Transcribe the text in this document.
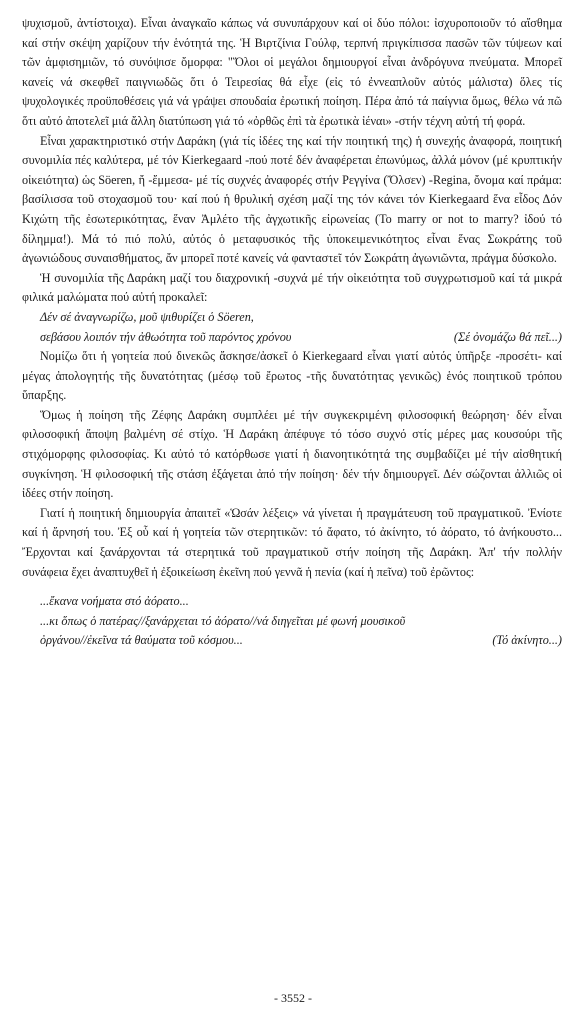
ψυχισμοῦ, ἀντίστοιχα). Εἶναι ἀναγκαῖο κάπως νά συνυπάρχουν καί οἱ δύο πόλοι: ἰσχυροποιοῦν τό αἴσθημα καί στήν σκέψη χαρίζουν τήν ἑνότητά της. Ἡ Βιρτζίνια Γούλφ, τερπνή πριγκίπισσα πασῶν τῶν τύψεων καί τῶν ἀμφισημιῶν, τό συνόψισε ὄμορφα: "Ὅλοι οἱ μεγάλοι δημιουργοί εἶναι ἀνδρόγυνα πνεύματα. Μπορεῖ κανείς νά σκεφθεῖ παιγνιωδῶς ὅτι ὁ Τειρεσίας θά εἶχε (εἰς τό ἐννεαπλοῦν αὐτός μάλιστα) ὅλες τίς ψυχολογικές προϋποθέσεις γιά νά γράψει σπουδαία ἐρωτική ποίηση. Πέρα ἀπό τά παίγνια ὅμως, θέλω νά πῶ ὅτι αὐτό ἀποτελεῖ μιά ἄλλη διατύπωση γιά τό «ὀρθῶς ἐπὶ τὰ ἐρωτικὰ ἰέναι» -στήν τέχνη αὐτή τή φορά.

Εἶναι χαρακτηριστικό στήν Δαράκη (γιά τίς ἰδέες της καί τήν ποιητική της) ἡ συνεχής ἀναφορά, ποιητική συνομιλία πές καλύτερα, μέ τόν Kierkegaard -πού ποτέ δέν ἀναφέρεται ἐπωνύμως, ἀλλά μόνον (μέ κρυπτικήν οἰκειότητα) ὡς Söeren, ἤ -ἔμμεσα- μέ τίς συχνές ἀναφορές στήν Ρεγγίνα (Ὄλσεν) -Regina, ὄνομα καί πράμα: βασίλισσα τοῦ στοχασμοῦ του· καί πού ἡ θρυλική σχέση μαζί της τόν κάνει τόν Kierkegaard ἕνα εἶδος Δόν Κιχώτη τῆς ἐσωτερικότητας, ἕναν Ἀμλέτο τῆς ἀγχωτικῆς εἰρωνείας (To marry or not to marry? ἰδού τό δίλημμα!). Μά τό πιό πολύ, αὐτός ὁ μεταφυσικός τῆς ὑποκειμενικότητος εἶναι ἕνας Σωκράτης τοῦ ἀγωνιώδους συναισθήματος, ἄν μπορεῖ ποτέ κανείς νά φανταστεῖ τόν Σωκράτη ἀγωνιῶντα, πράγμα δύσκολο.

Ἡ συνομιλία τῆς Δαράκη μαζί του διαχρονική -συχνά μέ τήν οἰκειότητα τοῦ συγχρωτισμοῦ καί τά μικρά φιλικά μαλώματα πού αὐτή προκαλεῖ:

Δέν σέ ἀναγνωρίζω, μοῦ ψιθυρίζει ὁ Söeren,
σεβάσου λοιπόν τήν ἀθωότητα τοῦ παρόντος χρόνου	(Σέ ὀνομάζω θά πεῖ...)

Νομίζω ὅτι ἡ γοητεία πού δινεκῶς ἄσκησε/ἀσκεῖ ὁ Kierkegaard εἶναι γιατί αὐτός ὑπῆρξε -προσέτι- καί μέγας ἀπολογητής τῆς δυνατότητας (μέσῳ τοῦ ἔρωτος -τῆς δυνατότητας γενικῶς) ἑνός ποιητικοῦ τρόπου ὕπαρξης.

Ὅμως ἡ ποίηση τῆς Ζέφης Δαράκη συμπλέει μέ τήν συγκεκριμένη φιλοσοφική θεώρηση· δέν εἶναι φιλοσοφική ἄποψη βαλμένη σέ στίχο. Ἡ Δαράκη ἀπέφυγε τό τόσο συχνό στίς μέρες μας κουσούρι τῆς στιχόμορφης φιλοσοφίας. Κι αὐτό τό κατόρθωσε γιατί ἡ διανοητικότητά της συμβαδίζει μέ τήν αἰσθητική συγκίνηση. Ἡ φιλοσοφική τῆς στάση ἐξάγεται ἀπό τήν ποίηση· δέν τήν δημιουργεῖ. Δέν σώζονται ἀλλιῶς οἱ ἰδέες στήν ποίηση.

Γιατί ἡ ποιητική δημιουργία ἀπαιτεῖ «Ὡσάν λέξεις» νά γίνεται ἡ πραγμάτευση τοῦ πραγματικοῦ. Ἐνίοτε καί ἡ ἄρνησή του. Ἐξ οὗ καί ἡ γοητεία τῶν στερητικῶν: τό ἄφατο, τό ἀκίνητο, τό ἀόρατο, τό ἀνήκουστο... Ἔρχονται καί ξανάρχονται τά στερητικά τοῦ πραγματικοῦ στήν ποίηση τῆς Δαράκη. Ἀπ' τήν πολλήν συνάφεια ἔχει ἀναπτυχθεῖ ἡ ἐξοικείωση ἐκεῖνη πού γεννᾶ ἡ πενία (καί ἡ πεῖνα) τοῦ ἐρῶντος:

...ἔκανα νοήματα στό ἀόρατο...
...κι ὅπως ὁ πατέρας//ξανάρχεται τό ἀόρατο//νά διηγεῖται μέ φωνή μουσικοῦ
ὀργάνου//ἐκεῖνα τά θαύματα τοῦ κόσμου...	(Τό ἀκίνητο...)
- 3552 -
